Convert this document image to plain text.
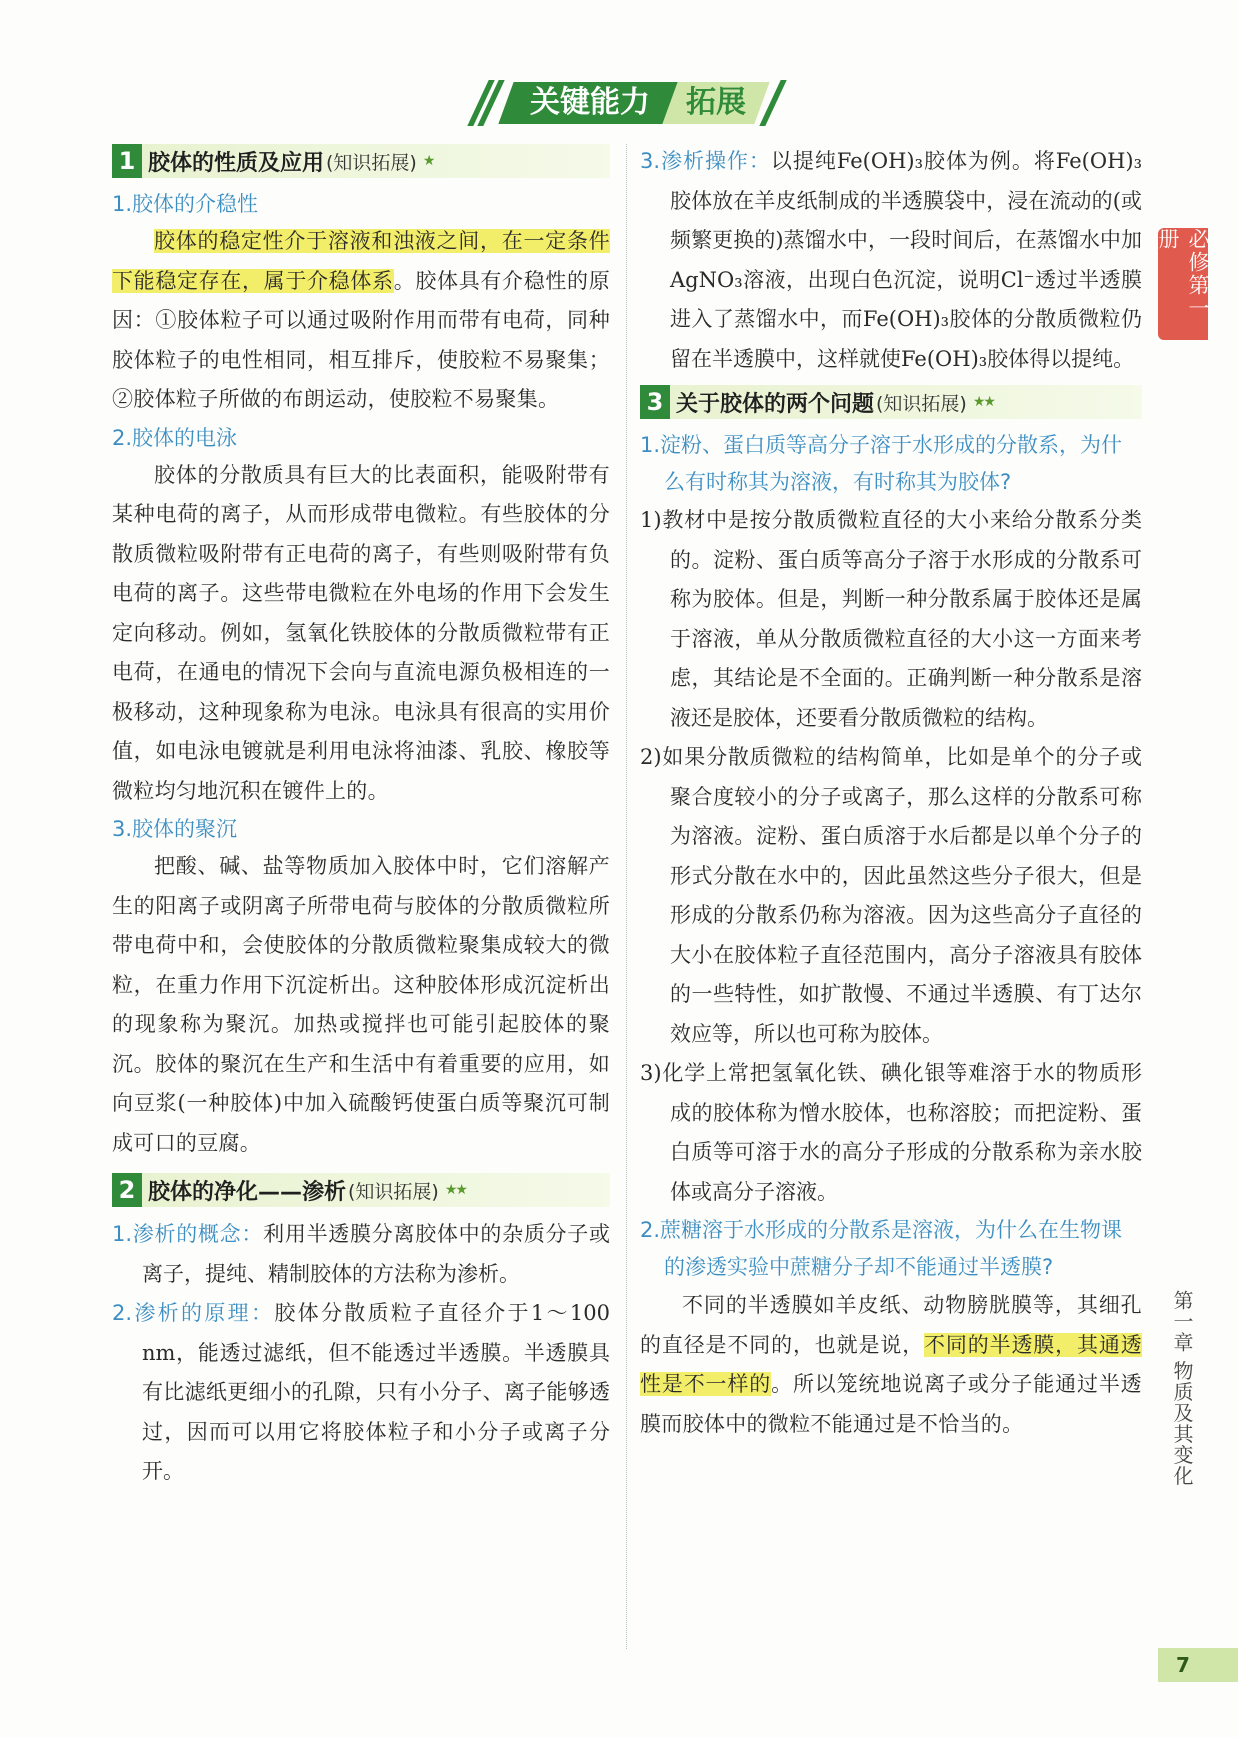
关键能力	拓展
1 胶体的性质及应用 (知识拓展) ★

1.胶体的介稳性

胶体的稳定性介于溶液和浊液之间，在一定条件下能稳定存在，属于介稳体系。胶体具有介稳性的原因：①胶体粒子可以通过吸附作用而带有电荷，同种胶体粒子的电性相同，相互排斥，使胶粒不易聚集；②胶体粒子所做的布朗运动，使胶粒不易聚集。

2.胶体的电泳

胶体的分散质具有巨大的比表面积，能吸附带有某种电荷的离子，从而形成带电微粒。有些胶体的分散质微粒吸附带有正电荷的离子，有些则吸附带有负电荷的离子。这些带电微粒在外电场的作用下会发生定向移动。例如，氢氧化铁胶体的分散质微粒带有正电荷，在通电的情况下会向与直流电源负极相连的一极移动，这种现象称为电泳。电泳具有很高的实用价值，如电泳电镀就是利用电泳将油漆、乳胶、橡胶等微粒均匀地沉积在镀件上的。

3.胶体的聚沉

把酸、碱、盐等物质加入胶体中时，它们溶解产生的阳离子或阴离子所带电荷与胶体的分散质微粒所带电荷中和，会使胶体的分散质微粒聚集成较大的微粒，在重力作用下沉淀析出。这种胶体形成沉淀析出的现象称为聚沉。加热或搅拌也可能引起胶体的聚沉。胶体的聚沉在生产和生活中有着重要的应用，如向豆浆(一种胶体)中加入硫酸钙使蛋白质等聚沉可制成可口的豆腐。

2 胶体的净化——渗析 (知识拓展) ★★

1.渗析的概念：利用半透膜分离胶体中的杂质分子或离子，提纯、精制胶体的方法称为渗析。

2.渗析的原理：胶体分散质粒子直径介于1～100 nm，能透过滤纸，但不能透过半透膜。半透膜具有比滤纸更细小的孔隙，只有小分子、离子能够透过，因而可以用它将胶体粒子和小分子或离子分开。

3.渗析操作：以提纯Fe(OH)₃胶体为例。将Fe(OH)₃胶体放在羊皮纸制成的半透膜袋中，浸在流动的(或频繁更换的)蒸馏水中，一段时间后，在蒸馏水中加AgNO₃溶液，出现白色沉淀，说明Cl⁻透过半透膜进入了蒸馏水中，而Fe(OH)₃胶体的分散质微粒仍留在半透膜中，这样就使Fe(OH)₃胶体得以提纯。

3 关于胶体的两个问题 (知识拓展) ★★

1.淀粉、蛋白质等高分子溶于水形成的分散系，为什么有时称其为溶液，有时称其为胶体?

1)教材中是按分散质微粒直径的大小来给分散系分类的。淀粉、蛋白质等高分子溶于水形成的分散系可称为胶体。但是，判断一种分散系属于胶体还是属于溶液，单从分散质微粒直径的大小这一方面来考虑，其结论是不全面的。正确判断一种分散系是溶液还是胶体，还要看分散质微粒的结构。

2)如果分散质微粒的结构简单，比如是单个的分子或聚合度较小的分子或离子，那么这样的分散系可称为溶液。淀粉、蛋白质溶于水后都是以单个分子的形式分散在水中的，因此虽然这些分子很大，但是形成的分散系仍称为溶液。因为这些高分子直径的大小在胶体粒子直径范围内，高分子溶液具有胶体的一些特性，如扩散慢、不通过半透膜、有丁达尔效应等，所以也可称为胶体。

3)化学上常把氢氧化铁、碘化银等难溶于水的物质形成的胶体称为憎水胶体，也称溶胶；而把淀粉、蛋白质等可溶于水的高分子形成的分散系称为亲水胶体或高分子溶液。

2.蔗糖溶于水形成的分散系是溶液，为什么在生物课的渗透实验中蔗糖分子却不能通过半透膜?

不同的半透膜如羊皮纸、动物膀胱膜等，其细孔的直径是不同的，也就是说，不同的半透膜，其通透性是不一样的。所以笼统地说离子或分子能通过半透膜而胶体中的微粒不能通过是不恰当的。

必修第一册
第一章 物质及其变化
7
